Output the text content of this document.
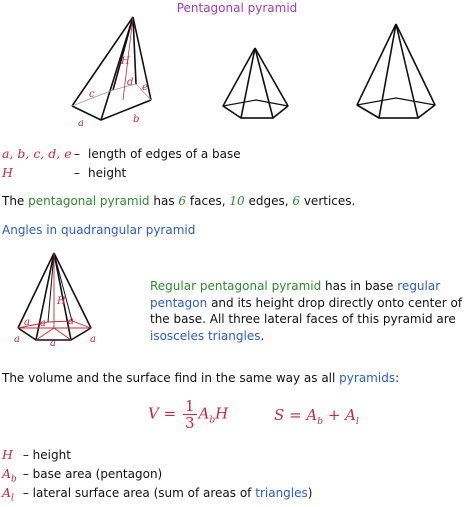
Pentagonal pyramid
a	b
c
d e
H
a, b, c, d, e – length of edges of a base
H	– height
The pentagonal pyramid has 6 faces, 10 edges, 6 vertices.
Angles in quadrangular pyramid
a	a	a
a a a
H
Regular pentagonal pyramid has in base regular pentagon and its height drop directly onto center of the base. All three lateral faces of this pyramid are isosceles triangles.
The volume and the surface find in the same way as all pyramids:
$V = \frac{1}{3} A_bH$	$S = A_b + A_l$
H – height
$A_b$ – base area (pentagon)
$A_l$ – lateral surface area (sum of areas of triangles)
